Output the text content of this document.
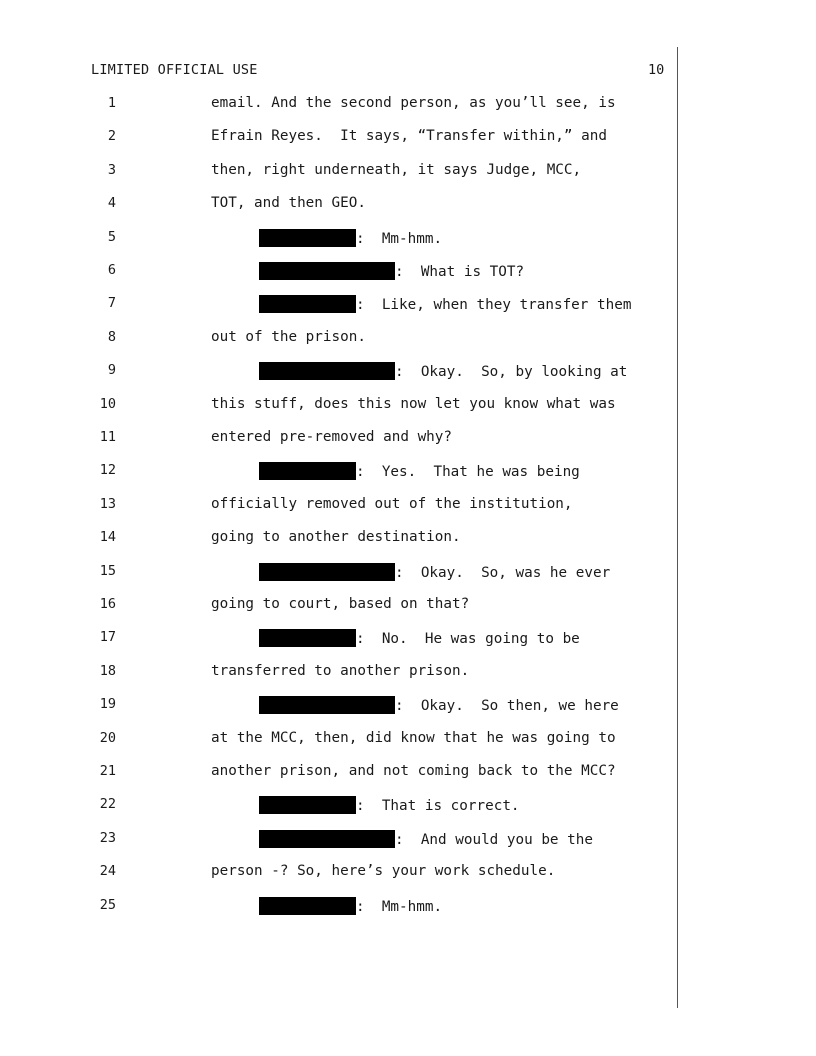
LIMITED OFFICIAL USE	10
1	email. And the second person, as you’ll see, is
2	Efrain Reyes.  It says, “Transfer within,” and
3	then, right underneath, it says Judge, MCC,
4	TOT, and then GEO.
5	:  Mm-hmm.
6	:  What is TOT?
7	:  Like, when they transfer them
8	out of the prison.
9	:  Okay.  So, by looking at
10	this stuff, does this now let you know what was
11	entered pre-removed and why?
12	:  Yes.  That he was being
13	officially removed out of the institution,
14	going to another destination.
15	:  Okay.  So, was he ever
16	going to court, based on that?
17	:  No.  He was going to be
18	transferred to another prison.
19	:  Okay.  So then, we here
20	at the MCC, then, did know that he was going to
21	another prison, and not coming back to the MCC?
22	:  That is correct.
23	:  And would you be the
24	person -? So, here’s your work schedule.
25	:  Mm-hmm.
